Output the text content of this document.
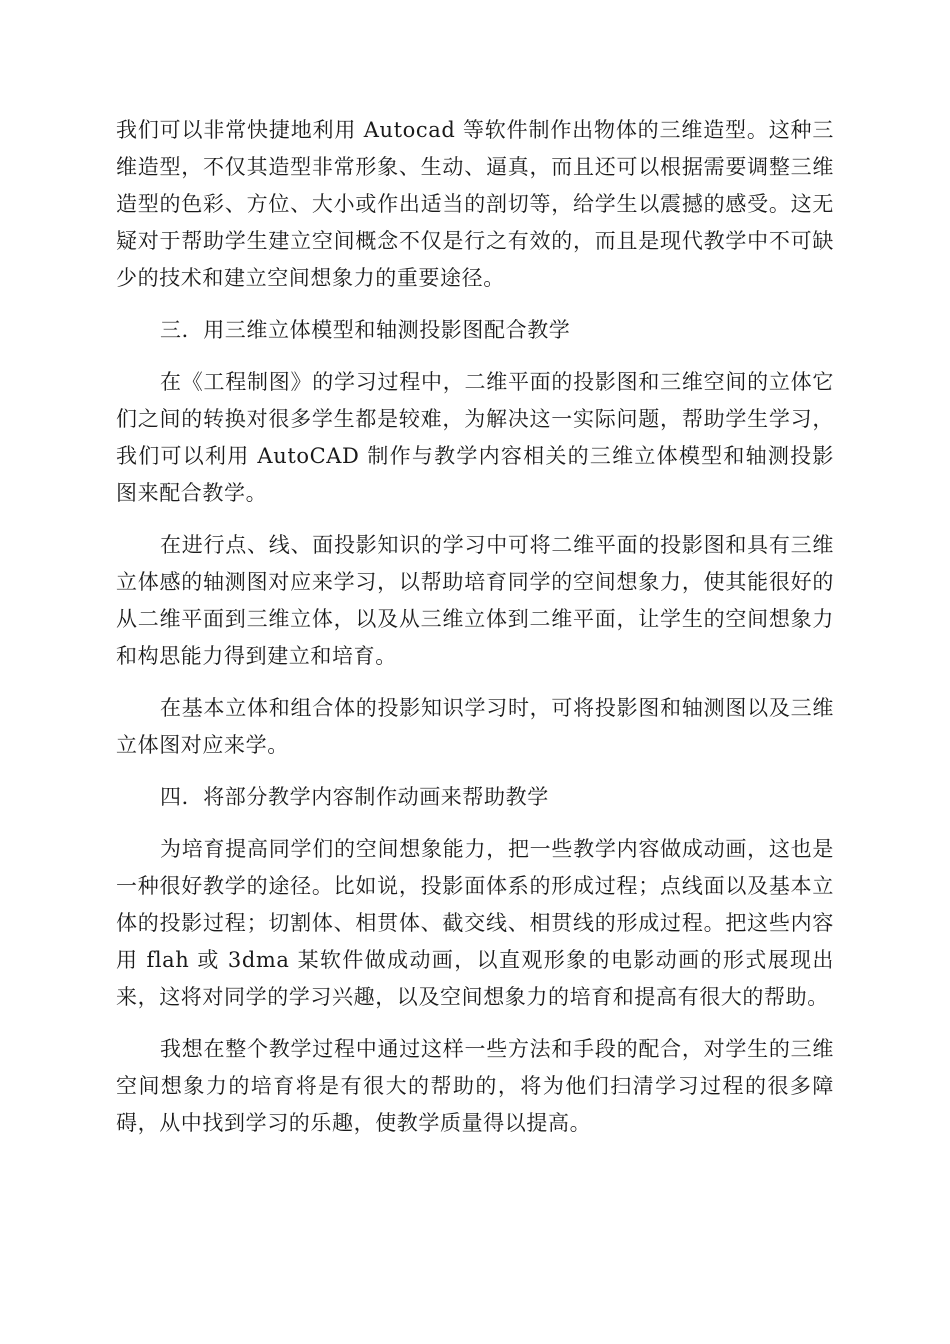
我们可以非常快捷地利用 Autocad 等软件制作出物体的三维造型。这种三维造型，不仅其造型非常形象、生动、逼真，而且还可以根据需要调整三维造型的色彩、方位、大小或作出适当的剖切等，给学生以震撼的感受。这无疑对于帮助学生建立空间概念不仅是行之有效的，而且是现代教学中不可缺少的技术和建立空间想象力的重要途径。

三．用三维立体模型和轴测投影图配合教学

在《工程制图》的学习过程中，二维平面的投影图和三维空间的立体它们之间的转换对很多学生都是较难，为解决这一实际问题，帮助学生学习，我们可以利用 AutoCAD 制作与教学内容相关的三维立体模型和轴测投影图来配合教学。

在进行点、线、面投影知识的学习中可将二维平面的投影图和具有三维立体感的轴测图对应来学习，以帮助培育同学的空间想象力，使其能很好的从二维平面到三维立体，以及从三维立体到二维平面，让学生的空间想象力和构思能力得到建立和培育。

在基本立体和组合体的投影知识学习时，可将投影图和轴测图以及三维立体图对应来学。

四．将部分教学内容制作动画来帮助教学

为培育提高同学们的空间想象能力，把一些教学内容做成动画，这也是一种很好教学的途径。比如说，投影面体系的形成过程；点线面以及基本立体的投影过程；切割体、相贯体、截交线、相贯线的形成过程。把这些内容用 flah 或 3dma 某软件做成动画，以直观形象的电影动画的形式展现出来，这将对同学的学习兴趣，以及空间想象力的培育和提高有很大的帮助。

我想在整个教学过程中通过这样一些方法和手段的配合，对学生的三维空间想象力的培育将是有很大的帮助的，将为他们扫清学习过程的很多障碍，从中找到学习的乐趣，使教学质量得以提高。
